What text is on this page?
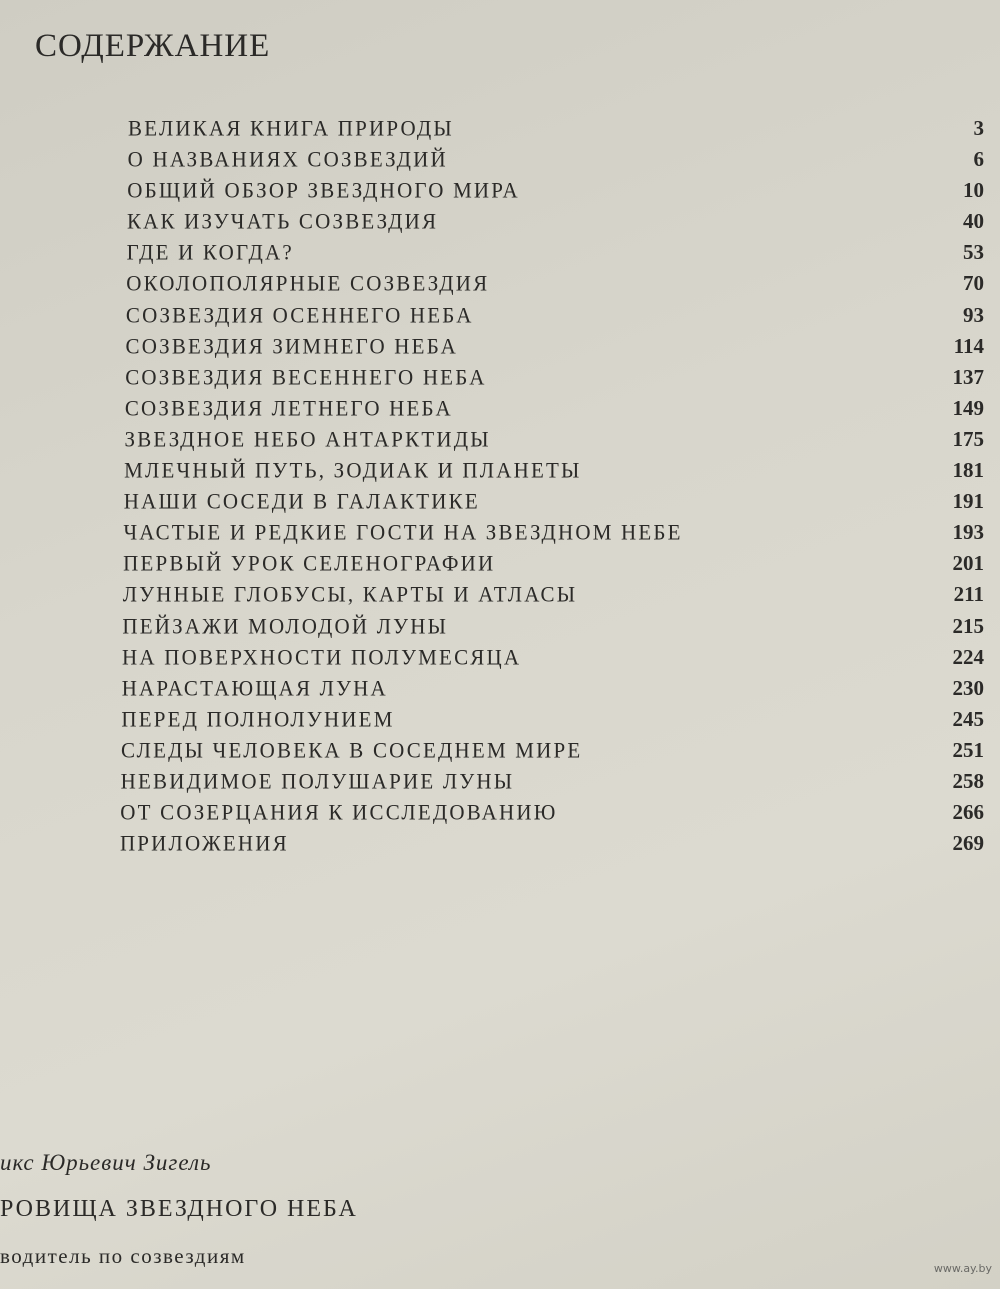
СОДЕРЖАНИЕ
ВЕЛИКАЯ КНИГА ПРИРОДЫ	3
О НАЗВАНИЯХ СОЗВЕЗДИЙ	6
ОБЩИЙ ОБЗОР ЗВЕЗДНОГО МИРА	10
КАК ИЗУЧАТЬ СОЗВЕЗДИЯ	40
ГДЕ И КОГДА?	53
ОКОЛОПОЛЯРНЫЕ СОЗВЕЗДИЯ	70
СОЗВЕЗДИЯ ОСЕННЕГО НЕБА	93
СОЗВЕЗДИЯ ЗИМНЕГО НЕБА	114
СОЗВЕЗДИЯ ВЕСЕННЕГО НЕБА	137
СОЗВЕЗДИЯ ЛЕТНЕГО НЕБА	149
ЗВЕЗДНОЕ НЕБО АНТАРКТИДЫ	175
МЛЕЧНЫЙ ПУТЬ, ЗОДИАК И ПЛАНЕТЫ	181
НАШИ СОСЕДИ В ГАЛАКТИКЕ	191
ЧАСТЫЕ И РЕДКИЕ ГОСТИ НА ЗВЕЗДНОМ НЕБЕ	193
ПЕРВЫЙ УРОК СЕЛЕНОГРАФИИ	201
ЛУННЫЕ ГЛОБУСЫ, КАРТЫ И АТЛАСЫ	211
ПЕЙЗАЖИ МОЛОДОЙ ЛУНЫ	215
НА ПОВЕРХНОСТИ ПОЛУМЕСЯЦА	224
НАРАСТАЮЩАЯ ЛУНА	230
ПЕРЕД ПОЛНОЛУНИЕМ	245
СЛЕДЫ ЧЕЛОВЕКА В СОСЕДНЕМ МИРЕ	251
НЕВИДИМОЕ ПОЛУШАРИЕ ЛУНЫ	258
ОТ СОЗЕРЦАНИЯ К ИССЛЕДОВАНИЮ	266
ПРИЛОЖЕНИЯ	269
икс Юрьевич Зигель
РОВИЩА ЗВЕЗДНОГО НЕБА
водитель по созвездиям
www.ay.by
